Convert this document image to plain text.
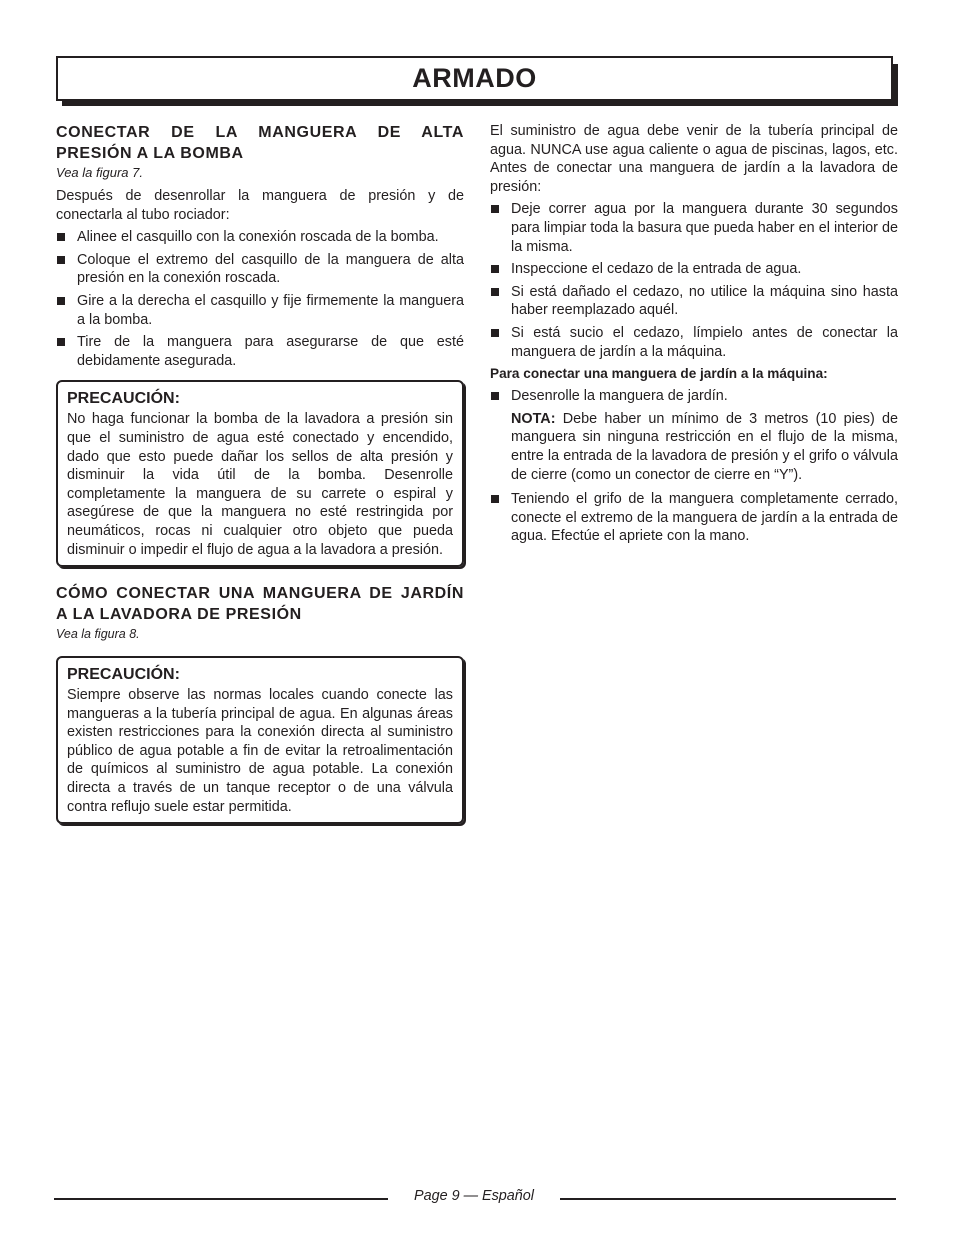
ARMADO
CONECTAR DE LA MANGUERA DE ALTA PRESIÓN A LA BOMBA
Vea la figura 7.

Después de desenrollar la manguera de presión y de conectarla al tubo rociador:

Alinee el casquillo con la conexión roscada de la bomba.
Coloque el extremo del casquillo de la manguera de alta presión en la conexión roscada.
Gire a la derecha el casquillo y fije firmemente la manguera a la bomba.
Tire de la manguera para asegurarse de que esté debidamente asegurada.
PRECAUCIÓN:

No haga funcionar la bomba de la lavadora a presión sin que el suministro de agua esté conectado y encendido, dado que esto puede dañar los sellos de alta presión y disminuir la vida útil de la bomba. Desenrolle completamente la manguera de su carrete o espiral y asegúrese de que la manguera no esté restringida por neumáticos, rocas ni cualquier otro objeto que pueda disminuir o impedir el flujo de agua a la lavadora a presión.

CÓMO CONECTAR UNA MANGUERA DE JARDÍN A LA LAVADORA DE PRESIÓN
Vea la figura 8.
PRECAUCIÓN:

Siempre observe las normas locales cuando conecte las mangueras a la tubería principal de agua. En algunas áreas existen restricciones para la conexión directa al suministro público de agua potable a fin de evitar la retroalimentación de químicos al suministro de agua potable. La conexión directa a través de un tanque receptor o de una válvula contra reflujo suele estar permitida.

El suministro de agua debe venir de la tubería principal de agua. NUNCA use agua caliente o agua de piscinas, lagos, etc. Antes de conectar una manguera de jardín a la lavadora de presión:

Deje correr agua por la manguera durante 30 segundos para limpiar toda la basura que pueda haber en el interior de la misma.
Inspeccione el cedazo de la entrada de agua.
Si está dañado el cedazo, no utilice la máquina sino hasta haber reemplazado aquél.
Si está sucio el cedazo, límpielo antes de conectar la manguera de jardín a la máquina.
Para conectar una manguera de jardín a la máquina:
Desenrolle la manguera de jardín.

NOTA: Debe haber un mínimo de 3 metros (10 pies) de manguera sin ninguna restricción en el flujo de la misma, entre la entrada de la lavadora de presión y el grifo o válvula de cierre (como un conector de cierre en “Y”).

Teniendo el grifo de la manguera completamente cerrado, conecte el extremo de la manguera de jardín a la entrada de agua. Efectúe el apriete con la mano.
Page 9 — Español
